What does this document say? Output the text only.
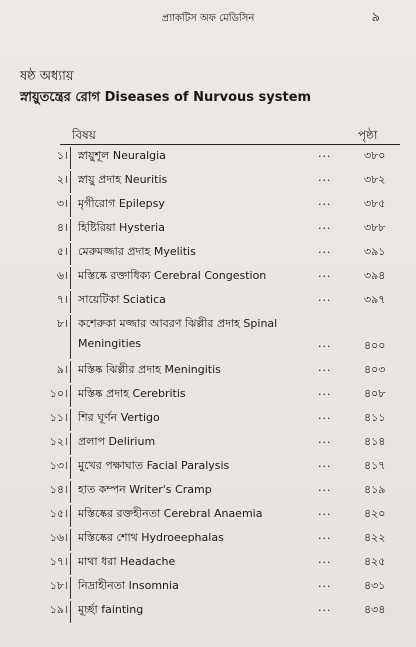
প্র্যাকটিস অফ মেডিসিন	৯
ষষ্ঠ অধ্যায়
স্নায়ুতন্ত্রের রোগ Diseases of Nurvous system
বিষয়	পৃষ্ঠা
১। স্নায়ুশূল Neuralgia	...	৩৮০
২। স্নায়ু প্রদাহ Neuritis	...	৩৮২
৩। মৃগীরোগ Epilepsy	...	৩৮৫
৪। হিষ্টিরিয়া Hysteria	...	৩৮৮
৫। মেরুমজ্জার প্রদাহ Myelitis	...	৩৯১
৬। মস্তিষ্কে রক্তাধিক্য Cerebral Congestion	...	৩৯৪
৭। সায়েটিকা Sciatica	...	৩৯৭
৮। কশেরুকা মজ্জার আবরণ ঝিল্লীর প্রদাহ Spinal
Meningities	...	৪০০
৯। মস্তিষ্ক ঝিল্লীর প্রদাহ Meningitis	...	৪০৩
১০। মস্তিষ্ক প্রদাহ Cerebritis	...	৪০৮
১১। শির ঘূর্ণন Vertigo	...	৪১১
১২। প্রলাপ Delirium	...	৪১৪
১৩। মুখের পক্ষাঘাত Facial Paralysis	...	৪১৭
১৪। হাত কম্পন Writer's Cramp	...	৪১৯
১৫। মস্তিষ্কের রক্তহীনতা Cerebral Anaemia	...	৪২০
১৬। মস্তিষ্কের শোথ Hydroeephalas	...	৪২২
১৭। মাথা ধরা Headache	...	৪২৫
১৮। নিদ্রাহীনতা Insomnia	...	৪৩১
১৯। মূর্চ্ছা fainting	...	৪৩৪
